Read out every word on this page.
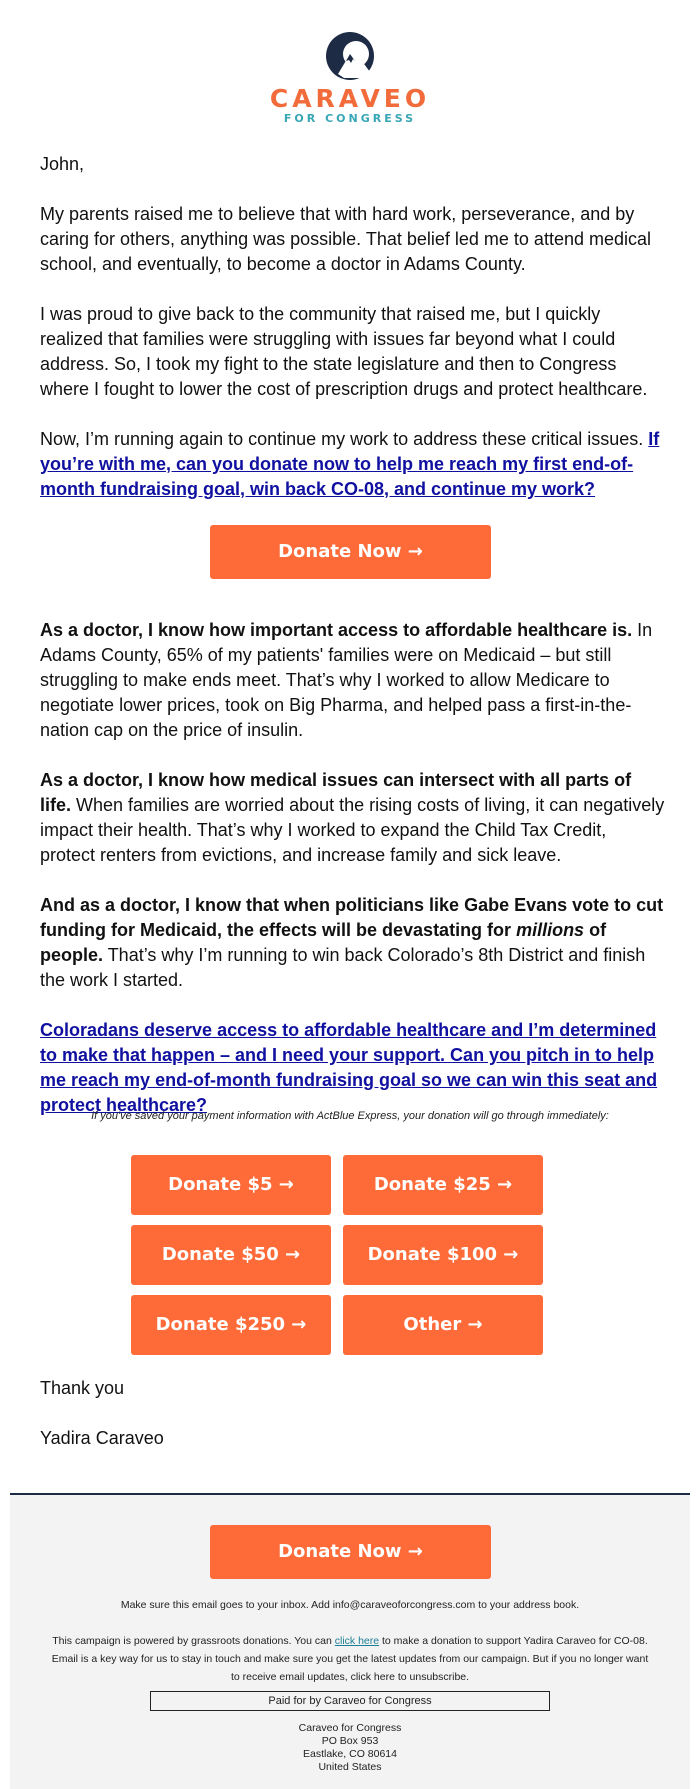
CARAVEO
FOR CONGRESS

John,

My parents raised me to believe that with hard work, perseverance, and by caring for others, anything was possible. That belief led me to attend medical school, and eventually, to become a doctor in Adams County.

I was proud to give back to the community that raised me, but I quickly realized that families were struggling with issues far beyond what I could address. So, I took my fight to the state legislature and then to Congress where I fought to lower the cost of prescription drugs and protect healthcare.

Now, I’m running again to continue my work to address these critical issues. If you’re with me, can you donate now to help me reach my first end-of-month fundraising goal, win back CO-08, and continue my work?

As a doctor, I know how important access to affordable healthcare is. In Adams County, 65% of my patients' families were on Medicaid – but still struggling to make ends meet. That’s why I worked to allow Medicare to negotiate lower prices, took on Big Pharma, and helped pass a first-in-the-nation cap on the price of insulin.

As a doctor, I know how medical issues can intersect with all parts of life. When families are worried about the rising costs of living, it can negatively impact their health. That’s why I worked to expand the Child Tax Credit, protect renters from evictions, and increase family and sick leave.

And as a doctor, I know that when politicians like Gabe Evans vote to cut funding for Medicaid, the effects will be devastating for millions of people. That’s why I’m running to win back Colorado’s 8th District and finish the work I started.

Coloradans deserve access to affordable healthcare and I’m determined to make that happen – and I need your support. Can you pitch in to help me reach my end-of-month fundraising goal so we can win this seat and protect healthcare?

Donate Now →
If you've saved your payment information with ActBlue Express, your donation will go through immediately:
Donate $5 →	Donate $25 →
Donate $50 →	Donate $100 →
Donate $250 →	Other →

Thank you

Yadira Caraveo

Donate Now →
Make sure this email goes to your inbox. Add info@caraveoforcongress.com to your address book.
This campaign is powered by grassroots donations. You can click here to make a donation to support Yadira Caraveo for CO-08. Email is a key way for us to stay in touch and make sure you get the latest updates from our campaign. But if you no longer want to receive email updates, click here to unsubscribe.
Paid for by Caraveo for Congress
Caraveo for Congress
PO Box 953
Eastlake, CO 80614
United States
